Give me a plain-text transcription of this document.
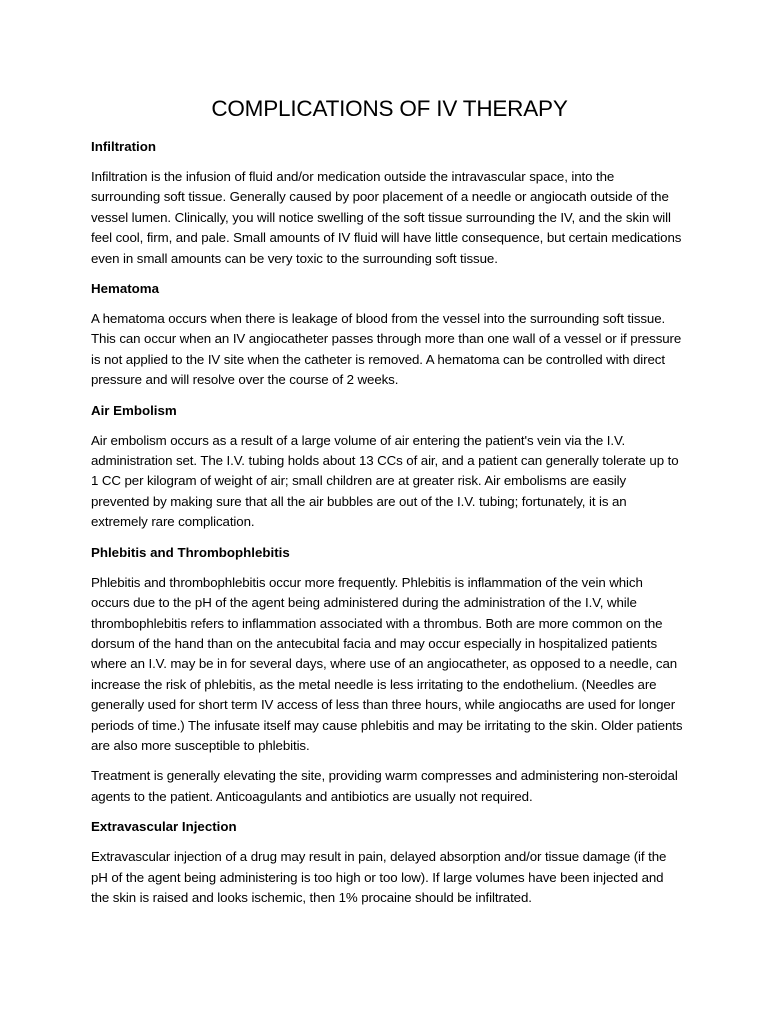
COMPLICATIONS OF IV THERAPY
Infiltration

Infiltration is the infusion of fluid and/or medication outside the intravascular space, into the surrounding soft tissue. Generally caused by poor placement of a needle or angiocath outside of the vessel lumen. Clinically, you will notice swelling of the soft tissue surrounding the IV, and the skin will feel cool, firm, and pale. Small amounts of IV fluid will have little consequence, but certain medications even in small amounts can be very toxic to the surrounding soft tissue.

Hematoma

A hematoma occurs when there is leakage of blood from the vessel into the surrounding soft tissue. This can occur when an IV angiocatheter passes through more than one wall of a vessel or if pressure is not applied to the IV site when the catheter is removed. A hematoma can be controlled with direct pressure and will resolve over the course of 2 weeks.

Air Embolism

Air embolism occurs as a result of a large volume of air entering the patient's vein via the I.V. administration set. The I.V. tubing holds about 13 CCs of air, and a patient can generally tolerate up to 1 CC per kilogram of weight of air; small children are at greater risk. Air embolisms are easily prevented by making sure that all the air bubbles are out of the I.V. tubing; fortunately, it is an extremely rare complication.

Phlebitis and Thrombophlebitis

Phlebitis and thrombophlebitis occur more frequently. Phlebitis is inflammation of the vein which occurs due to the pH of the agent being administered during the administration of the I.V, while thrombophlebitis refers to inflammation associated with a thrombus. Both are more common on the dorsum of the hand than on the antecubital facia and may occur especially in hospitalized patients where an I.V. may be in for several days, where use of an angiocatheter, as opposed to a needle, can increase the risk of phlebitis, as the metal needle is less irritating to the endothelium. (Needles are generally used for short term IV access of less than three hours, while angiocaths are used for longer periods of time.) The infusate itself may cause phlebitis and may be irritating to the skin. Older patients are also more susceptible to phlebitis.

Treatment is generally elevating the site, providing warm compresses and administering non-steroidal agents to the patient. Anticoagulants and antibiotics are usually not required.

Extravascular Injection

Extravascular injection of a drug may result in pain, delayed absorption and/or tissue damage (if the pH of the agent being administering is too high or too low). If large volumes have been injected and the skin is raised and looks ischemic, then 1% procaine should be infiltrated.
